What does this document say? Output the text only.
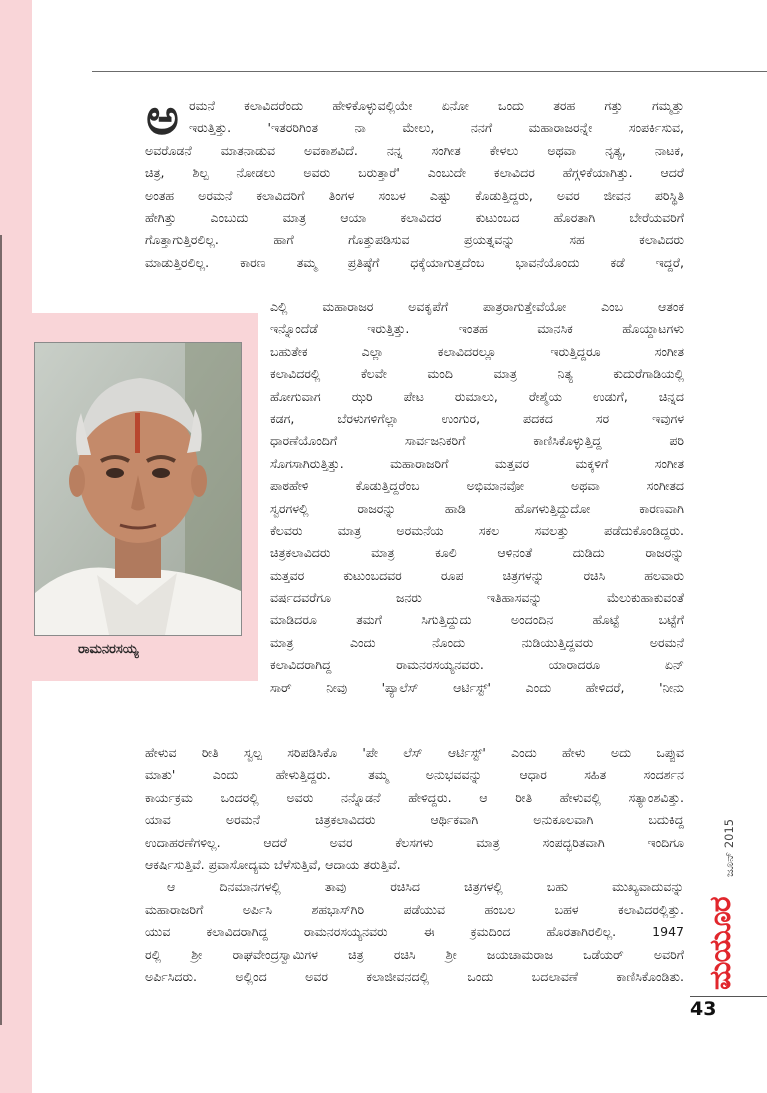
ಅ ರಮನೆ ಕಲಾವಿದರೆಂದು ಹೇಳಿಕೊಳ್ಳುವಲ್ಲಿಯೇ ಏನೋ ಒಂದು ತರಹ ಗತ್ತು ಗಮ್ಮತ್ತು
ಇರುತ್ತಿತ್ತು. 'ಇತರರಿಗಿಂತ ನಾ ಮೇಲು, ನನಗೆ ಮಹಾರಾಜರನ್ನೇ ಸಂಪರ್ಕಿಸುವ,
ಅವರೊಡನೆ ಮಾತನಾಡುವ ಅವಕಾಶವಿದೆ. ನನ್ನ ಸಂಗೀತ ಕೇಳಲು ಅಥವಾ ನೃತ್ಯ, ನಾಟಕ,
ಚಿತ್ರ, ಶಿಲ್ಪ ನೋಡಲು ಅವರು ಬರುತ್ತಾರೆ' ಎಂಬುದೇ ಕಲಾವಿದರ ಹೆಗ್ಗಳಿಕೆಯಾಗಿತ್ತು. ಆದರೆ
ಅಂತಹ ಅರಮನೆ ಕಲಾವಿದರಿಗೆ ತಿಂಗಳ ಸಂಬಳ ಎಷ್ಟು ಕೊಡುತ್ತಿದ್ದರು, ಅವರ ಜೀವನ ಪರಿಸ್ಥಿತಿ
ಹೇಗಿತ್ತು ಎಂಬುದು ಮಾತ್ರ ಆಯಾ ಕಲಾವಿದರ ಕುಟುಂಬದ ಹೊರತಾಗಿ ಬೇರೆಯವರಿಗೆ
ಗೊತ್ತಾಗುತ್ತಿರಲಿಲ್ಲ. ಹಾಗೆ ಗೊತ್ತುಪಡಿಸುವ ಪ್ರಯತ್ನವನ್ನು ಸಹ ಕಲಾವಿದರು
ಮಾಡುತ್ತಿರಲಿಲ್ಲ. ಕಾರಣ ತಮ್ಮ ಪ್ರತಿಷ್ಠೆಗೆ ಧಕ್ಕೆಯಾಗುತ್ತದೆಂಬ ಭಾವನೆಯೊಂದು ಕಡೆ ಇದ್ದರೆ,
ರಾಮನರಸಯ್ಯ
ಎಲ್ಲಿ ಮಹಾರಾಜರ ಅವಕೃಪೆಗೆ ಪಾತ್ರರಾಗುತ್ತೇವೆಯೋ ಎಂಬ ಆತಂಕ
ಇನ್ನೊಂದೆಡೆ ಇರುತ್ತಿತ್ತು. ಇಂತಹ ಮಾನಸಿಕ ಹೊಯ್ದಾಟಗಳು
ಬಹುತೇಕ ಎಲ್ಲಾ ಕಲಾವಿದರಲ್ಲೂ ಇರುತ್ತಿದ್ದರೂ ಸಂಗೀತ
ಕಲಾವಿದರಲ್ಲಿ ಕೆಲವೇ ಮಂದಿ ಮಾತ್ರ ನಿತ್ಯ ಕುದುರೆಗಾಡಿಯಲ್ಲಿ
ಹೋಗುವಾಗ ಝರಿ ಪೇಟ ರುಮಾಲು, ರೇಶ್ಮೆಯ ಉಡುಗೆ, ಚಿನ್ನದ
ಕಡಗ, ಬೆರಳುಗಳಿಗೆಲ್ಲಾ ಉಂಗುರ, ಪದಕದ ಸರ ಇವುಗಳ
ಧಾರಣೆಯೊಂದಿಗೆ ಸಾರ್ವಜನಿಕರಿಗೆ ಕಾಣಿಸಿಕೊಳ್ಳುತ್ತಿದ್ದ ಪರಿ
ಸೊಗಸಾಗಿರುತ್ತಿತ್ತು. ಮಹಾರಾಜರಿಗೆ ಮತ್ತವರ ಮಕ್ಕಳಿಗೆ ಸಂಗೀತ
ಪಾಠಹೇಳಿ ಕೊಡುತ್ತಿದ್ದರೆಂಬ ಅಭಿಮಾನವೋ ಅಥವಾ ಸಂಗೀತದ
ಸ್ವರಗಳಲ್ಲಿ ರಾಜರನ್ನು ಹಾಡಿ ಹೊಗಳುತ್ತಿದ್ದುದೋ ಕಾರಣವಾಗಿ
ಕೆಲವರು ಮಾತ್ರ ಅರಮನೆಯ ಸಕಲ ಸವಲತ್ತು ಪಡೆದುಕೊಂಡಿದ್ದರು.
ಚಿತ್ರಕಲಾವಿದರು ಮಾತ್ರ ಕೂಲಿ ಆಳಿನಂತೆ ದುಡಿದು ರಾಜರನ್ನು
ಮತ್ತವರ ಕುಟುಂಬದವರ ರೂಪ ಚಿತ್ರಗಳನ್ನು ರಚಿಸಿ ಹಲವಾರು
ವರ್ಷದವರೆಗೂ ಜನರು ಇತಿಹಾಸವನ್ನು ಮೆಲುಕುಹಾಕುವಂತೆ
ಮಾಡಿದರೂ ತಮಗೆ ಸಿಗುತ್ತಿದ್ದುದು ಅಂದಂದಿನ ಹೊಟ್ಟೆ ಬಟ್ಟೆಗೆ
ಮಾತ್ರ ಎಂದು ನೊಂದು ನುಡಿಯುತ್ತಿದ್ದವರು ಅರಮನೆ
ಕಲಾವಿದರಾಗಿದ್ದ ರಾಮನರಸಯ್ಯನವರು. ಯಾರಾದರೂ ಏನ್
ಸಾರ್ ನೀವು 'ಪ್ಯಾಲೆಸ್ ಆರ್ಟಿಸ್ಟ್' ಎಂದು ಹೇಳಿದರೆ, 'ನೀನು
ಹೇಳುವ ರೀತಿ ಸ್ವಲ್ಪ ಸರಿಪಡಿಸಿಕೊ 'ಪೇ ಲೆಸ್ ಆರ್ಟಿಸ್ಟ್' ಎಂದು ಹೇಳು ಅದು ಒಪ್ಪುವ
ಮಾತು' ಎಂದು ಹೇಳುತ್ತಿದ್ದರು. ತಮ್ಮ ಅನುಭವವನ್ನು ಆಧಾರ ಸಹಿತ ಸಂದರ್ಶನ
ಕಾರ್ಯಕ್ರಮ ಒಂದರಲ್ಲಿ ಅವರು ನನ್ನೊಡನೆ ಹೇಳಿದ್ದರು. ಆ ರೀತಿ ಹೇಳುವಲ್ಲಿ ಸತ್ಯಾಂಶವಿತ್ತು.
ಯಾವ ಅರಮನೆ ಚಿತ್ರಕಲಾವಿದರು ಆರ್ಥಿಕವಾಗಿ ಅನುಕೂಲವಾಗಿ ಬದುಕಿದ್ದ
ಉದಾಹರಣೆಗಳಿಲ್ಲ. ಆದರೆ ಅವರ ಕೆಲಸಗಳು ಮಾತ್ರ ಸಂಪದ್ಭರಿತವಾಗಿ ಇಂದಿಗೂ
ಆಕರ್ಷಿಸುತ್ತಿವೆ. ಪ್ರವಾಸೋದ್ಯಮ ಬೆಳೆಸುತ್ತಿವೆ, ಆದಾಯ ತರುತ್ತಿವೆ.
ಆ ದಿನಮಾನಗಳಲ್ಲಿ ತಾವು ರಚಿಸಿದ ಚಿತ್ರಗಳಲ್ಲಿ ಬಹು ಮುಖ್ಯವಾದುವನ್ನು
ಮಹಾರಾಜರಿಗೆ ಅರ್ಪಿಸಿ ಶಹಭಾಸ್‌ಗಿರಿ ಪಡೆಯುವ ಹಂಬಲ ಬಹಳ ಕಲಾವಿದರಲ್ಲಿತ್ತು.
ಯುವ ಕಲಾವಿದರಾಗಿದ್ದ ರಾಮನರಸಯ್ಯನವರು ಈ ಕ್ರಮದಿಂದ ಹೊರತಾಗಿರಲಿಲ್ಲ. 1947
ರಲ್ಲಿ ಶ್ರೀ ರಾಘವೇಂದ್ರಸ್ವಾಮಿಗಳ ಚಿತ್ರ ರಚಿಸಿ ಶ್ರೀ ಜಯಚಾಮರಾಜ ಒಡೆಯರ್ ಅವರಿಗೆ
ಅರ್ಪಿಸಿದರು. ಅಲ್ಲಿಂದ ಅವರ ಕಲಾಜೀವನದಲ್ಲಿ ಒಂದು ಬದಲಾವಣೆ ಕಾಣಿಸಿಕೊಂಡಿತು.
ಜೂನ್ 2015
ಮಯೂರ
43
